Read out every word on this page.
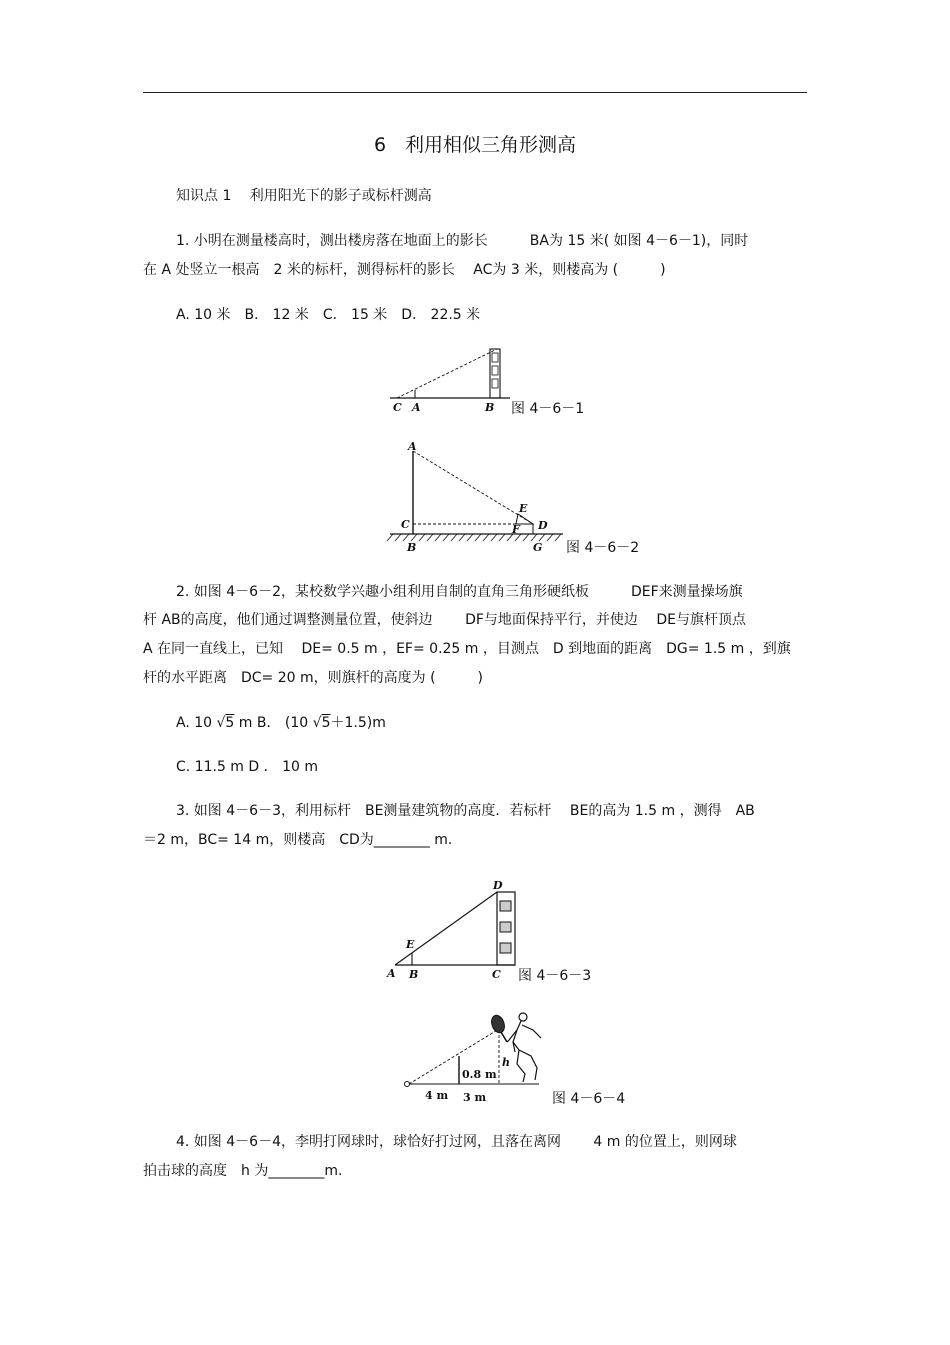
6　利用相似三角形测高
知识点 1　 利用阳光下的影子或标杆测高
1. 小明在测量楼高时，测出楼房落在地面上的影长　　　BA为 15 米( 如图 4－6－1)，同时
在 A 处竖立一根高　2 米的标杆，测得标杆的影长　 AC为 3 米，则楼高为 (　　　)
A. 10 米　B． 12 米　C． 15 米　D． 22.5 米
C A	B 图 4－6－1
A
E
C	F D
B	G 图 4－6－2
2. 如图 4－6－2，某校数学兴趣小组利用自制的直角三角形硬纸板　　　DEF来测量操场旗
杆 AB的高度，他们通过调整测量位置，使斜边　　 DF与地面保持平行，并使边　 DE与旗杆顶点
A 在同一直线上，已知　 DE= 0.5 m ，EF= 0.25 m ，目测点　D 到地面的距离　DG= 1.5 m ，到旗
杆的水平距离　DC= 20 m，则旗杆的高度为 (　　　)
A. 10 √5 m B． (10 √5＋1.5)m
C. 11.5 m D ． 10 m
3. 如图 4－6－3，利用标杆　BE测量建筑物的高度．若标杆　 BE的高为 1.5 m ，测得　AB
＝2 m，BC= 14 m，则楼高　CD为________ m.
D
E
A B	C 图 4－6－3
h
0.8 m
4 m 3 m	图 4－6－4
4. 如图 4－6－4，李明打网球时，球恰好打过网，且落在离网　　 4 m 的位置上，则网球
拍击球的高度　h 为________m.
